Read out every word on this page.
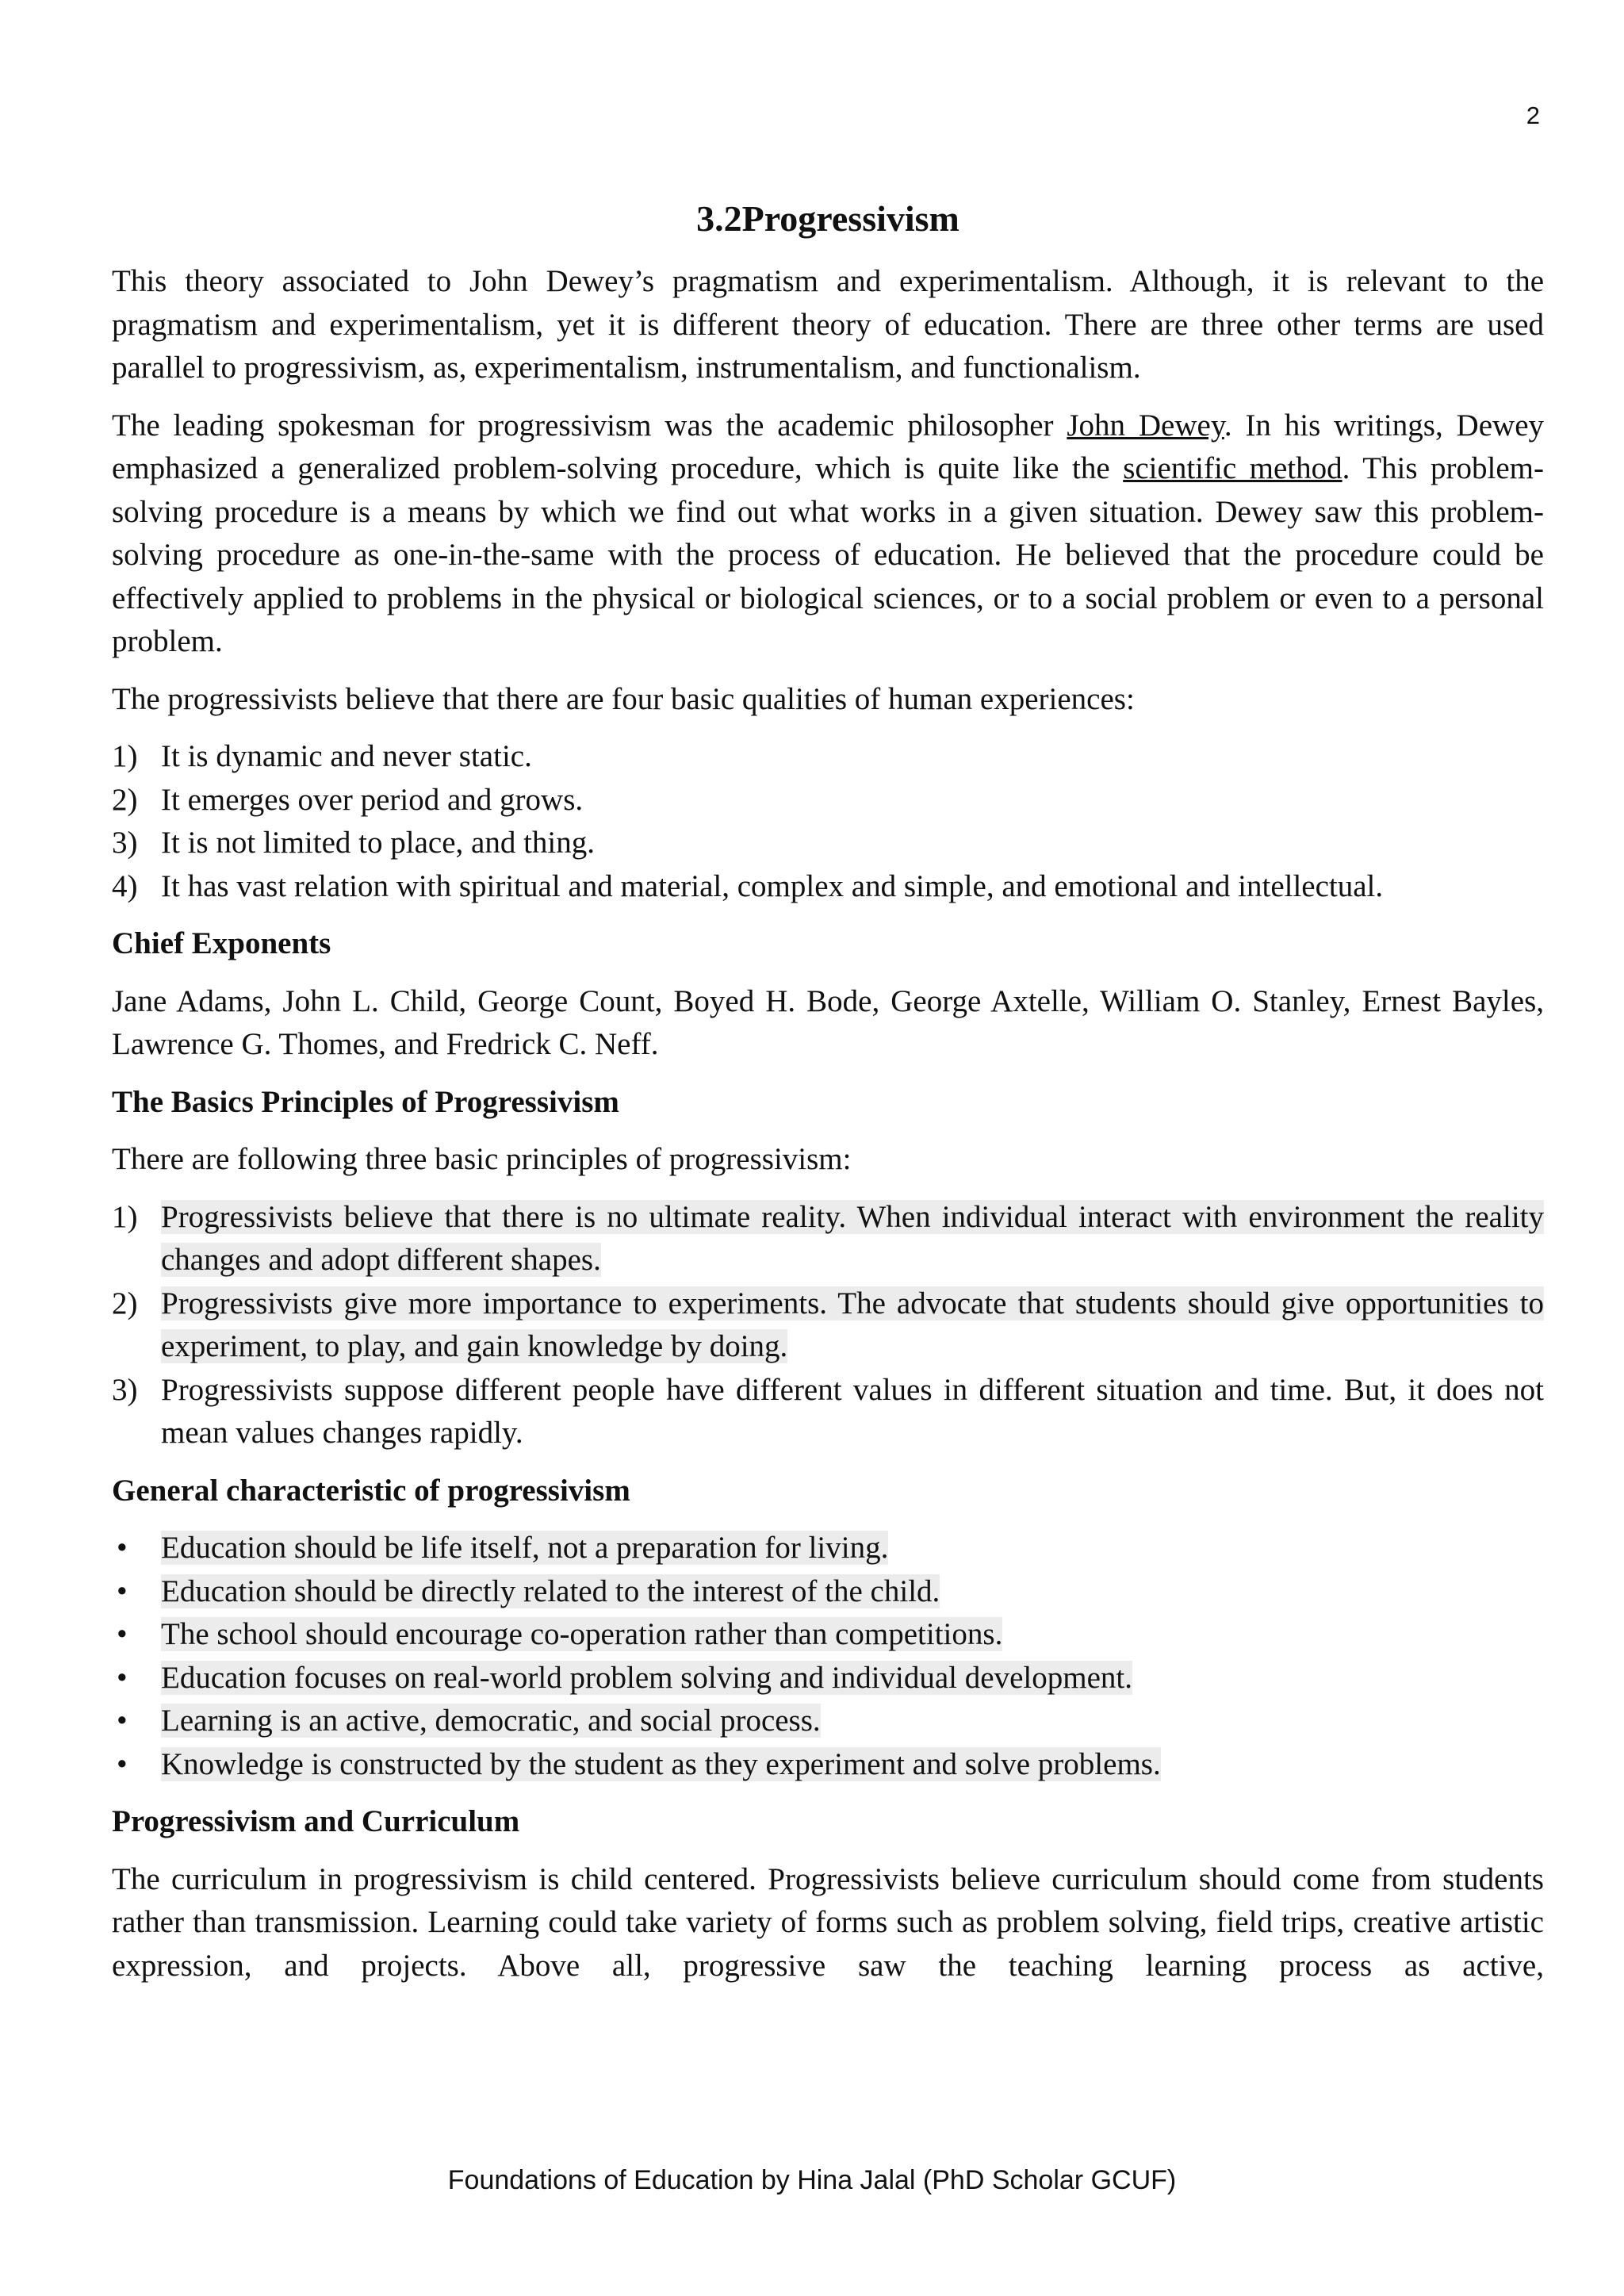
2
3.2Progressivism

This theory associated to John Dewey’s pragmatism and experimentalism. Although, it is relevant to the pragmatism and experimentalism, yet it is different theory of education. There are three other terms are used parallel to progressivism, as, experimentalism, instrumentalism, and functionalism.

The leading spokesman for progressivism was the academic philosopher John Dewey. In his writings, Dewey emphasized a generalized problem-solving procedure, which is quite like the scientific method. This problem-solving procedure is a means by which we find out what works in a given situation. Dewey saw this problem-solving procedure as one-in-the-same with the process of education. He believed that the procedure could be effectively applied to problems in the physical or biological sciences, or to a social problem or even to a personal problem.

The progressivists believe that there are four basic qualities of human experiences:

1) It is dynamic and never static.
2) It emerges over period and grows.
3) It is not limited to place, and thing.
4) It has vast relation with spiritual and material, complex and simple, and emotional and intellectual.
Chief Exponents

Jane Adams, John L. Child, George Count, Boyed H. Bode, George Axtelle, William O. Stanley, Ernest Bayles, Lawrence G. Thomes, and Fredrick C. Neff.

The Basics Principles of Progressivism

There are following three basic principles of progressivism:

1) Progressivists believe that there is no ultimate reality. When individual interact with environment the reality changes and adopt different shapes.
2) Progressivists give more importance to experiments. The advocate that students should give opportunities to experiment, to play, and gain knowledge by doing.
3) Progressivists suppose different people have different values in different situation and time. But, it does not mean values changes rapidly.
General characteristic of progressivism
• Education should be life itself, not a preparation for living.
• Education should be directly related to the interest of the child.
• The school should encourage co-operation rather than competitions.
• Education focuses on real-world problem solving and individual development.
• Learning is an active, democratic, and social process.
• Knowledge is constructed by the student as they experiment and solve problems.
Progressivism and Curriculum

The curriculum in progressivism is child centered. Progressivists believe curriculum should come from students rather than transmission. Learning could take variety of forms such as problem solving, field trips, creative artistic expression, and projects. Above all, progressive saw the teaching learning process as active,

Foundations of Education by Hina Jalal (PhD Scholar GCUF)
